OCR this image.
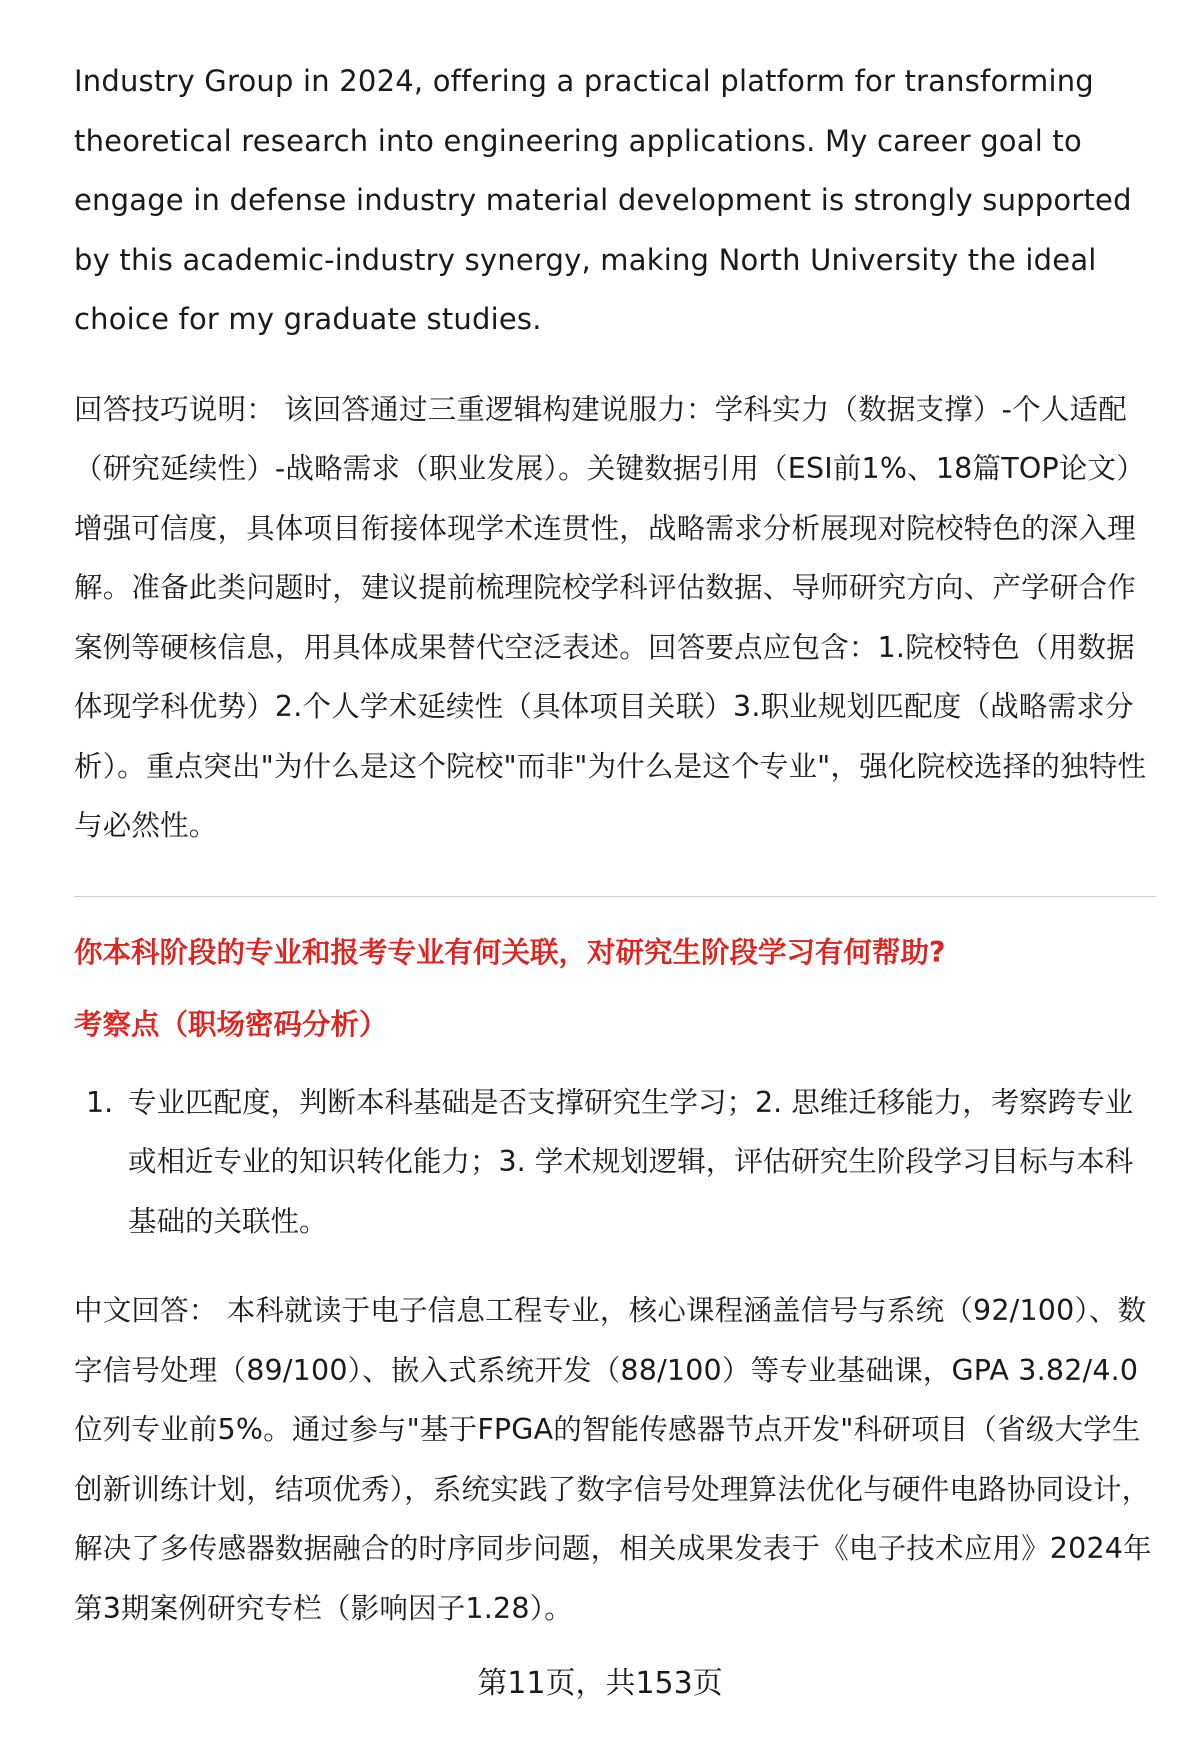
Industry Group in 2024, offering a practical platform for transforming theoretical research into engineering applications. My career goal to engage in defense industry material development is strongly supported by this academic-industry synergy, making North University the ideal choice for my graduate studies.

回答技巧说明： 该回答通过三重逻辑构建说服力：学科实力（数据支撑）-个人适配（研究延续性）-战略需求（职业发展）。关键数据引用（ESI前1%、18篇TOP论文）增强可信度，具体项目衔接体现学术连贯性，战略需求分析展现对院校特色的深入理解。准备此类问题时，建议提前梳理院校学科评估数据、导师研究方向、产学研合作案例等硬核信息，用具体成果替代空泛表述。回答要点应包含：1.院校特色（用数据体现学科优势）2.个人学术延续性（具体项目关联）3.职业规划匹配度（战略需求分析）。重点突出"为什么是这个院校"而非"为什么是这个专业"，强化院校选择的独特性与必然性。

你本科阶段的专业和报考专业有何关联，对研究生阶段学习有何帮助?

考察点（职场密码分析）

1. 专业匹配度，判断本科基础是否支撑研究生学习；2. 思维迁移能力，考察跨专业或相近专业的知识转化能力；3. 学术规划逻辑，评估研究生阶段学习目标与本科基础的关联性。

中文回答： 本科就读于电子信息工程专业，核心课程涵盖信号与系统（92/100）、数字信号处理（89/100）、嵌入式系统开发（88/100）等专业基础课，GPA 3.82/4.0位列专业前5%。通过参与"基于FPGA的智能传感器节点开发"科研项目（省级大学生创新训练计划，结项优秀），系统实践了数字信号处理算法优化与硬件电路协同设计，解决了多传感器数据融合的时序同步问题，相关成果发表于《电子技术应用》2024年第3期案例研究专栏（影响因子1.28）。

第11页，共153页
